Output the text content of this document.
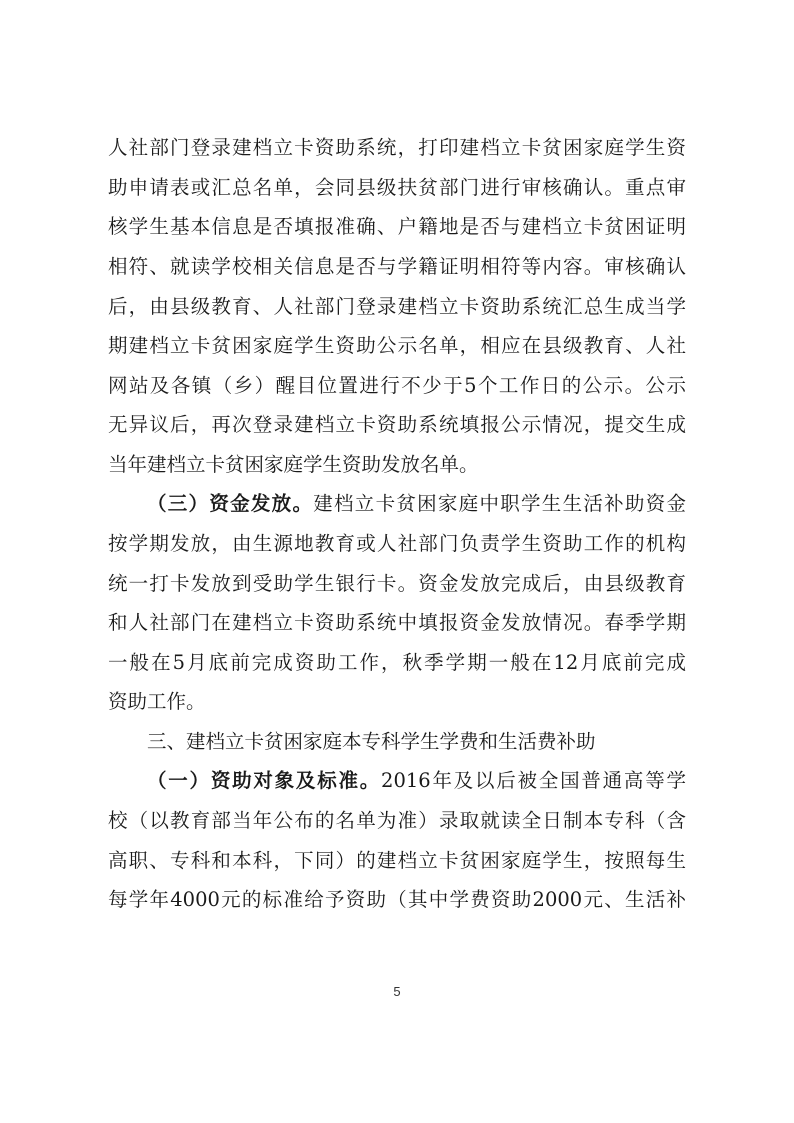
人社部门登录建档立卡资助系统，打印建档立卡贫困家庭学生资
助申请表或汇总名单，会同县级扶贫部门进行审核确认。重点审
核学生基本信息是否填报准确、户籍地是否与建档立卡贫困证明
相符、就读学校相关信息是否与学籍证明相符等内容。审核确认
后，由县级教育、人社部门登录建档立卡资助系统汇总生成当学
期建档立卡贫困家庭学生资助公示名单，相应在县级教育、人社
网站及各镇（乡）醒目位置进行不少于5个工作日的公示。公示
无异议后，再次登录建档立卡资助系统填报公示情况，提交生成
当年建档立卡贫困家庭学生资助发放名单。
（三）资金发放。建档立卡贫困家庭中职学生生活补助资金
按学期发放，由生源地教育或人社部门负责学生资助工作的机构
统一打卡发放到受助学生银行卡。资金发放完成后，由县级教育
和人社部门在建档立卡资助系统中填报资金发放情况。春季学期
一般在5月底前完成资助工作，秋季学期一般在12月底前完成
资助工作。
三、建档立卡贫困家庭本专科学生学费和生活费补助
（一）资助对象及标准。2016年及以后被全国普通高等学
校（以教育部当年公布的名单为准）录取就读全日制本专科（含
高职、专科和本科，下同）的建档立卡贫困家庭学生，按照每生
每学年4000元的标准给予资助（其中学费资助2000元、生活补
5
